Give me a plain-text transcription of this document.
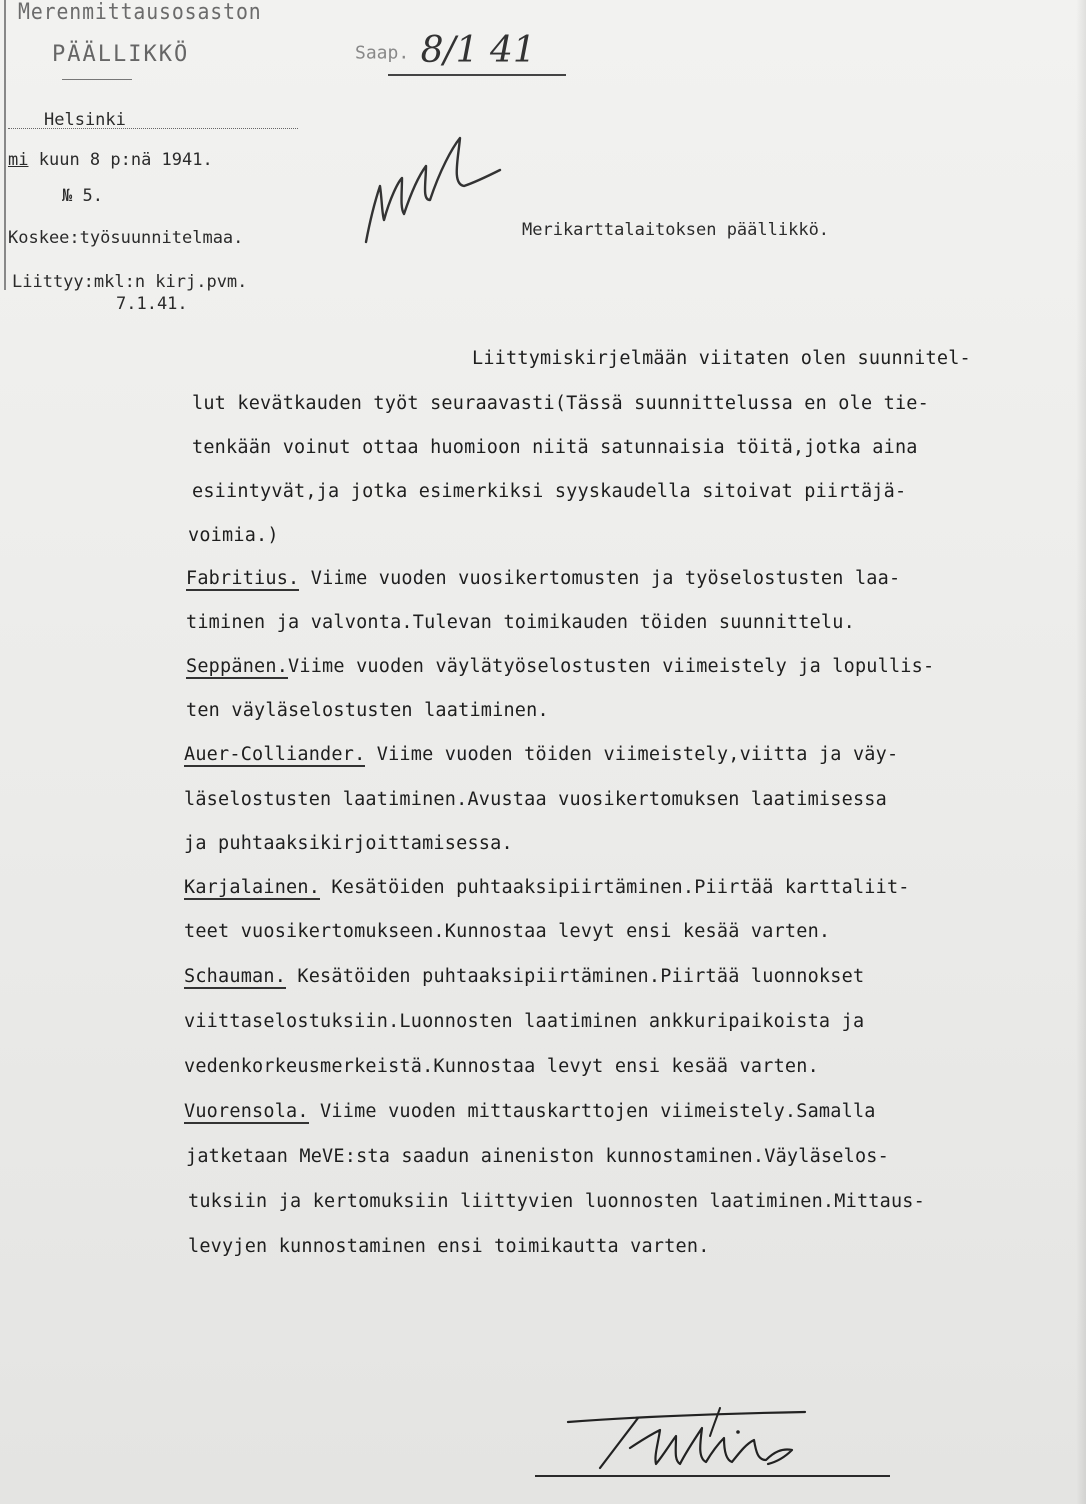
Merenmittausosaston
PÄÄLLIKKÖ	Saap. 8/1 41
Helsinki
mi kuun 8 p:nä 1941.
№ 5.
Koskee:työsuunnitelmaa.
Liittyy:mkl:n kirj.pvm.
7.1.41.
Merikarttalaitoksen päällikkö.
Liittymiskirjelmään viitaten olen suunnitel-
lut kevätkauden työt seuraavasti(Tässä suunnittelussa en ole tie-
tenkään voinut ottaa huomioon niitä satunnaisia töitä,jotka aina
esiintyvät,ja jotka esimerkiksi syyskaudella sitoivat piirtäjä-
voimia.)
Fabritius. Viime vuoden vuosikertomusten ja työselostusten laa-
timinen ja valvonta.Tulevan toimikauden töiden suunnittelu.
Seppänen.Viime vuoden väylätyöselostusten viimeistely ja lopullis-
ten väyläselostusten laatiminen.
Auer-Colliander. Viime vuoden töiden viimeistely,viitta ja väy-
läselostusten laatiminen.Avustaa vuosikertomuksen laatimisessa
ja puhtaaksikirjoittamisessa.
Karjalainen. Kesätöiden puhtaaksipiirtäminen.Piirtää karttaliit-
teet vuosikertomukseen.Kunnostaa levyt ensi kesää varten.
Schauman. Kesätöiden puhtaaksipiirtäminen.Piirtää luonnokset
viittaselostuksiin.Luonnosten laatiminen ankkuripaikoista ja
vedenkorkeusmerkeistä.Kunnostaa levyt ensi kesää varten.
Vuorensola. Viime vuoden mittauskarttojen viimeistely.Samalla
jatketaan MeVE:sta saadun aineniston kunnostaminen.Väyläselos-
tuksiin ja kertomuksiin liittyvien luonnosten laatiminen.Mittaus-
levyjen kunnostaminen ensi toimikautta varten.
